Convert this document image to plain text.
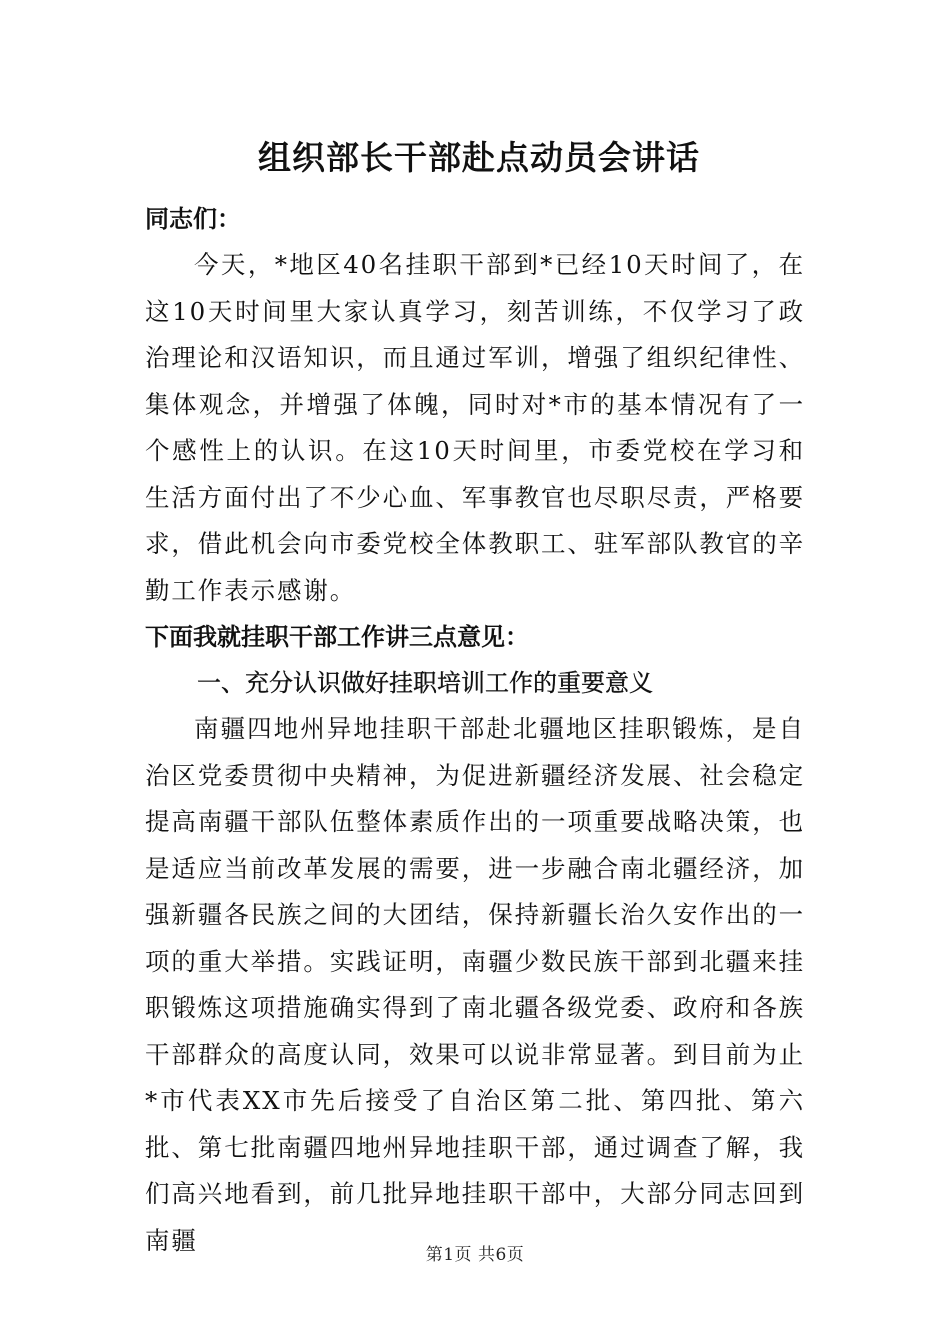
组织部长干部赴点动员会讲话

同志们：

今天，*地区40名挂职干部到*已经10天时间了，在这10天时间里大家认真学习，刻苦训练，不仅学习了政治理论和汉语知识，而且通过军训，增强了组织纪律性、集体观念，并增强了体魄，同时对*市的基本情况有了一个感性上的认识。在这10天时间里，市委党校在学习和生活方面付出了不少心血、军事教官也尽职尽责，严格要求，借此机会向市委党校全体教职工、驻军部队教官的辛勤工作表示感谢。

下面我就挂职干部工作讲三点意见：

一、充分认识做好挂职培训工作的重要意义

南疆四地州异地挂职干部赴北疆地区挂职锻炼，是自治区党委贯彻中央精神，为促进新疆经济发展、社会稳定提高南疆干部队伍整体素质作出的一项重要战略决策，也是适应当前改革发展的需要，进一步融合南北疆经济，加强新疆各民族之间的大团结，保持新疆长治久安作出的一项的重大举措。实践证明，南疆少数民族干部到北疆来挂职锻炼这项措施确实得到了南北疆各级党委、政府和各族干部群众的高度认同，效果可以说非常显著。到目前为止*市代表XX市先后接受了自治区第二批、第四批、第六批、第七批南疆四地州异地挂职干部，通过调查了解，我们高兴地看到，前几批异地挂职干部中，大部分同志回到南疆

第1页 共6页
